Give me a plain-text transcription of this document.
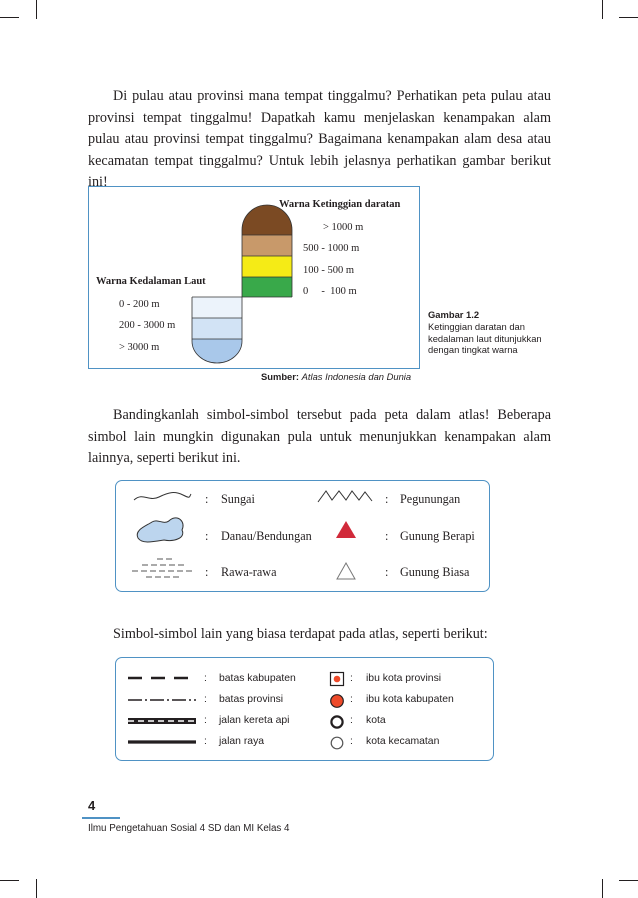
Di pulau atau provinsi mana tempat tinggalmu? Perhatikan peta pulau atau provinsi tempat tinggalmu! Dapatkah kamu menjelaskan kenampakan alam pulau atau provinsi tempat tinggalmu? Bagaimana kenampakan alam desa atau kecamatan tempat tinggalmu? Untuk lebih jelasnya perhatikan gambar berikut ini!

Warna Ketinggian daratan
> 1000 m
500 - 1000 m
100 - 500 m
0     -  100 m
Warna Kedalaman Laut
0 - 200 m
200 - 3000 m
> 3000 m
Sumber: Atlas Indonesia dan Dunia
Gambar 1.2
Ketinggian daratan dan kedalaman laut ditunjukkan dengan tingkat warna

Bandingkanlah simbol-simbol tersebut pada peta dalam atlas! Beberapa simbol lain mungkin digunakan pula untuk menunjukkan kenampakan alam lainnya, seperti berikut ini.

: Sungai	: Pegunungan
: Danau/Bendungan	: Gunung Berapi
: Rawa-rawa	: Gunung Biasa

Simbol-simbol lain yang biasa terdapat pada atlas, seperti berikut:

: batas kabupaten	: ibu kota provinsi
: batas provinsi	: ibu kota kabupaten
: jalan kereta api	: kota
: jalan raya	: kota kecamatan
4
Ilmu Pengetahuan Sosial 4 SD dan MI Kelas 4
